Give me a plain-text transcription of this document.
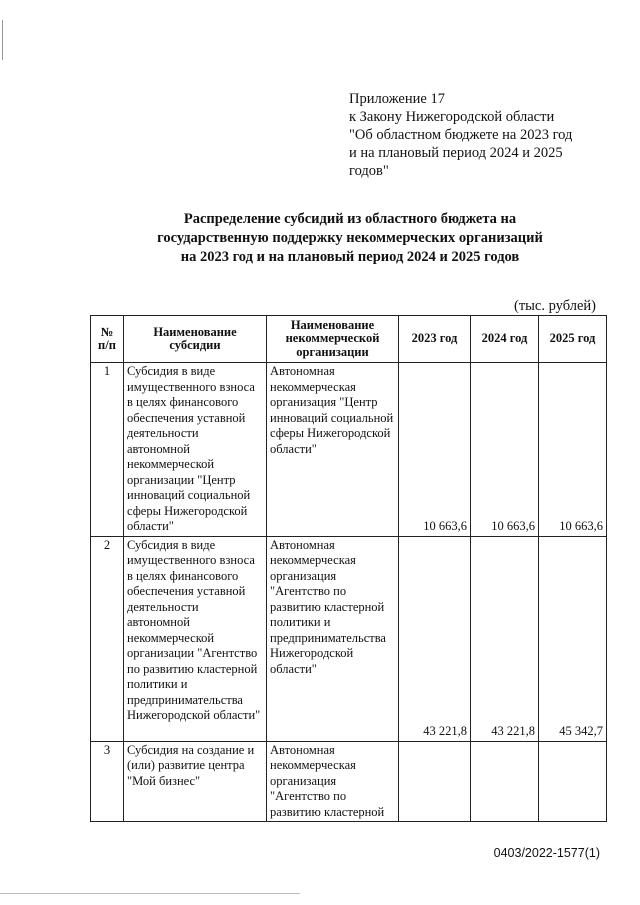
Приложение 17
к Закону Нижегородской области
"Об областном бюджете на 2023 год
и на плановый период 2024 и 2025
годов"
Распределение субсидий из областного бюджета на
государственную поддержку некоммерческих организаций
на 2023 год и на плановый период 2024 и 2025 годов
(тыс. рублей)
№ п/п	Наименование субсидии	Наименование некоммерческой организации	2023 год	2024 год	2025 год
1	Субсидия в виде имущественного взноса в целях финансового обеспечения уставной деятельности автономной некоммерческой организации "Центр инноваций социальной сферы Нижегородской области"	Автономная некоммерческая организация "Центр инноваций социальной сферы Нижегородской области"	10 663,6	10 663,6	10 663,6
2	Субсидия в виде имущественного взноса в целях финансового обеспечения уставной деятельности автономной некоммерческой организации "Агентство по развитию кластерной политики и предпринимательства Нижегородской области"	Автономная некоммерческая организация "Агентство по развитию кластерной политики и предпринимательства Нижегородской области"	43 221,8	43 221,8	45 342,7
3	Субсидия на создание и (или) развитие центра "Мой бизнес"	Автономная некоммерческая организация "Агентство по развитию кластерной			
0403/2022-1577(1)
